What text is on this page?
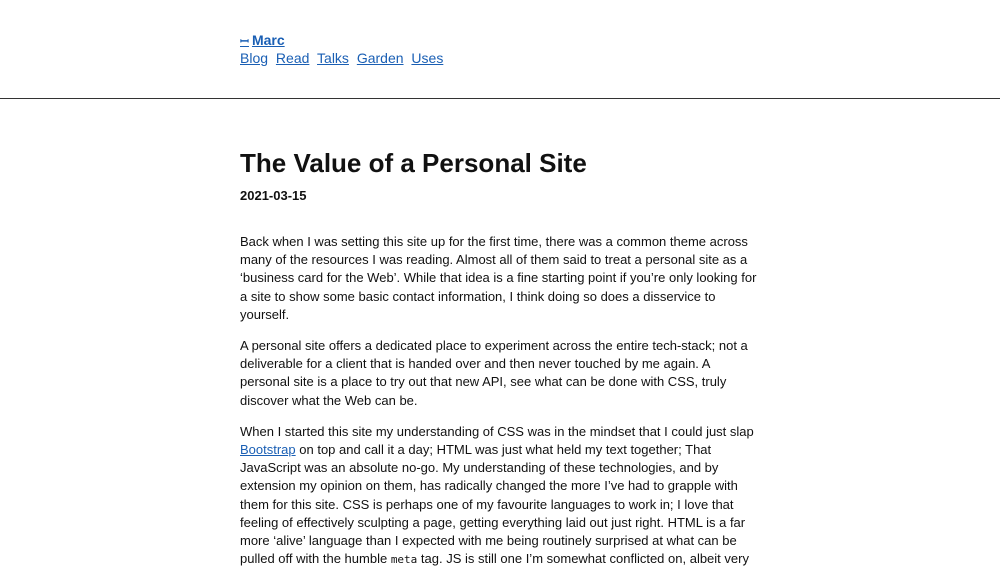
ꟷ Marc
Blog Read Talks Garden Uses
The Value of a Personal Site
2021-03-15

Back when I was setting this site up for the first time, there was a common theme across many of the resources I was reading. Almost all of them said to treat a personal site as a ‘business card for the Web’. While that idea is a fine starting point if you’re only looking for a site to show some basic contact information, I think doing so does a disservice to yourself.

A personal site offers a dedicated place to experiment across the entire tech-stack; not a deliverable for a client that is handed over and then never touched by me again. A personal site is a place to try out that new API, see what can be done with CSS, truly discover what the Web can be.

When I started this site my understanding of CSS was in the mindset that I could just slap Bootstrap on top and call it a day; HTML was just what held my text together; That JavaScript was an absolute no-go. My understanding of these technologies, and by extension my opinion on them, has radically changed the more I’ve had to grapple with them for this site. CSS is perhaps one of my favourite languages to work in; I love that feeling of effectively sculpting a page, getting everything laid out just right. HTML is a far more ‘alive’ language than I expected with me being routinely surprised at what can be pulled off with the humble meta tag. JS is still one I’m somewhat conflicted on, albeit very
